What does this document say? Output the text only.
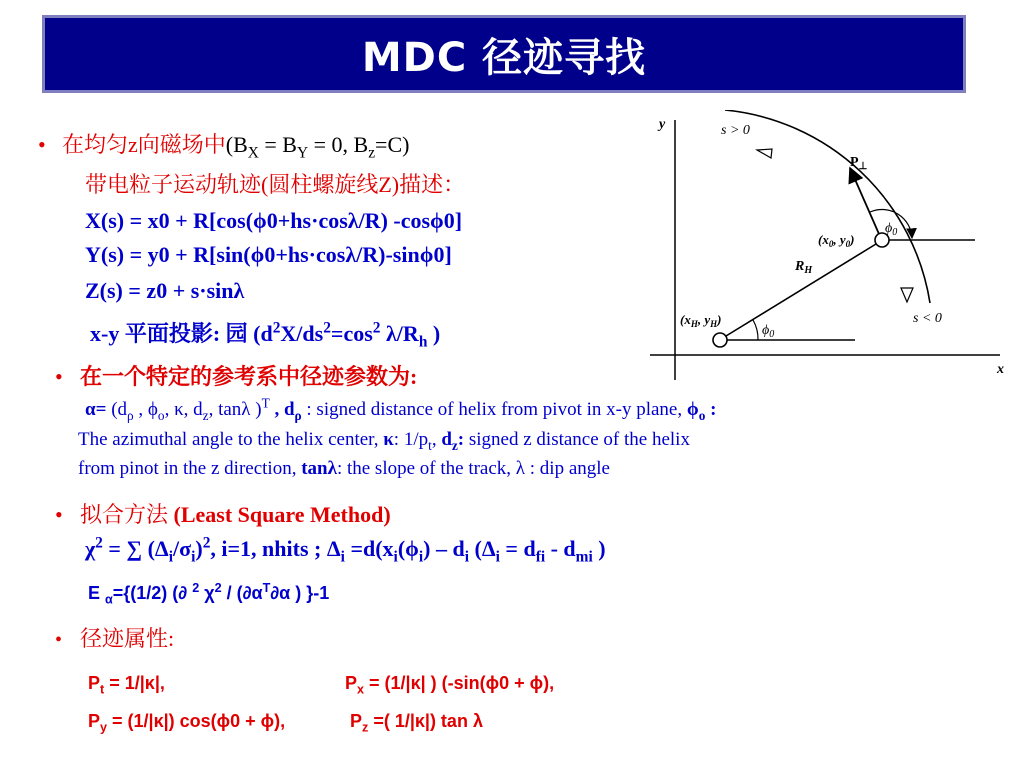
MDC 径迹寻找
• 在均匀z向磁场中($B_X = B_Y = 0$, $B_z=C$)
带电粒子运动轨迹(圆柱螺旋线Z)描述：
X(s) = x0 + R[cos(ϕ0+hs·cosλ/R) -cosϕ0]
Y(s) = y0 + R[sin(ϕ0+hs·cosλ/R)-sinϕ0]
Z(s) = z0 + s·sinλ
x-y 平面投影: 园 ($d^2X/ds^2=\cos^2$ $\lambda/R_h$ )
• 在一个特定的参考系中径迹参数为:
$\alpha= (d_\rho$ , $\phi_o$, κ, $d_z$, tanλ )$^T$ , $d_\rho$ : signed distance of helix from pivot in x-y plane, $\phi_o$ :
The azimuthal angle to the helix center, κ: $1/p_t$, $d_z$: signed z distance of the helix
from pinot in the z direction, tanλ: the slope of the track, λ : dip angle
• 拟合方法 (Least Square Method)
$\chi^2$ = ∑ $(\Delta_i/\sigma_i)^2$, i=1, nhits ; $\Delta_i =d(x_i(\phi_i) - d_i$ ($\Delta_i = d_{fi} - d_{mi}$ )
E $_\alpha$={(1/2) (∂ $^2$ $\chi^2 / (\partial\alpha^T\partial\alpha$ ) }-1
• 径迹属性:
$P_t = 1/|\kappa|$,	$P_x = (1/|\kappa|$ ) (-sin(ϕ0 + ϕ),
$P_y = (1/|\kappa|) \cos(\phi 0 + \phi)$,	$P_z$ =( 1/|κ|) tan λ
y
x
s > 0
s < 0
$P_\perp$
$\phi_0$
($x_0$, $y_0$)
$R_H$
($x_H$, $y_H$)
$\phi_0$
